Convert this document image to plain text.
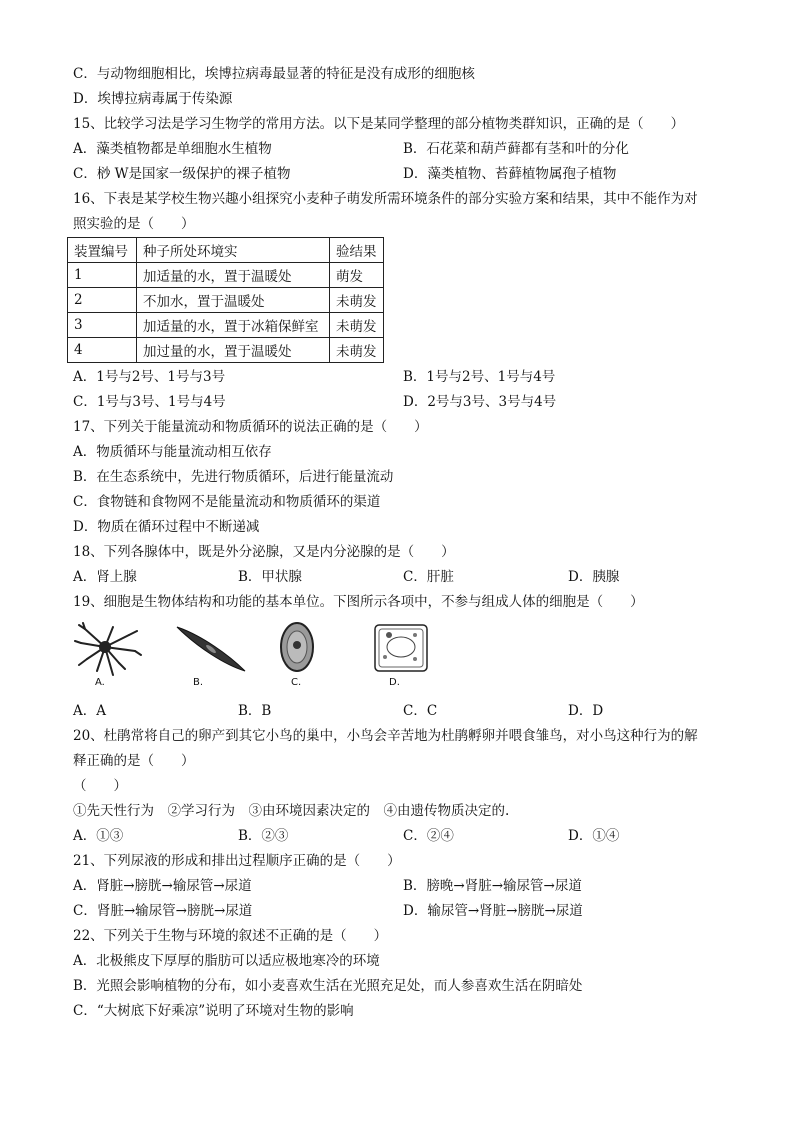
C．与动物细胞相比，埃博拉病毒最显著的特征是没有成形的细胞核
D．埃博拉病毒属于传染源
15、比较学习法是学习生物学的常用方法。以下是某同学整理的部分植物类群知识，正确的是（　　）
A．藻类植物都是单细胞水生植物	B．石花菜和葫芦藓都有茎和叶的分化
C．桫 W是国家一级保护的裸子植物	D．藻类植物、苔藓植物属孢子植物
16、下表是某学校生物兴趣小组探究小麦种子萌发所需环境条件的部分实验方案和结果，其中不能作为对
照实验的是（　　）
装置编号	种子所处环境实	验结果
1	加适量的水，置于温暖处	萌发
2	不加水，置于温暖处	未萌发
3	加适量的水，置于冰箱保鲜室	未萌发
4	加过量的水，置于温暖处	未萌发
A．1号与2号、1号与3号	B．1号与2号、1号与4号
C．1号与3号、1号与4号	D．2号与3号、3号与4号
17、下列关于能量流动和物质循环的说法正确的是（　　）
A．物质循环与能量流动相互依存
B．在生态系统中，先进行物质循环，后进行能量流动
C．食物链和食物网不是能量流动和物质循环的渠道
D．物质在循环过程中不断递减
18、下列各腺体中，既是外分泌腺，又是内分泌腺的是（　　）
A．肾上腺	B．甲状腺	C．肝脏	D．胰腺
19、细胞是生物体结构和功能的基本单位。下图所示各项中，不参与组成人体的细胞是（　　）
A.	B.	C.	D.
A．A	B．B	C．C	D．D
20、杜鹃常将自己的卵产到其它小鸟的巢中，小鸟会辛苦地为杜鹃孵卵并喂食雏鸟，对小鸟这种行为的解
释正确的是（　　）
（　　）
①先天性行为　②学习行为　③由环境因素决定的　④由遗传物质决定的.
A．①③	B．②③	C．②④	D．①④
21、下列尿液的形成和排出过程顺序正确的是（　　）
A．肾脏→膀胱→输尿管→尿道	B．膀晚→肾脏→输尿管→尿道
C．肾脏→输尿管→膀胱→尿道	D．输尿管→肾脏→膀胱→尿道
22、下列关于生物与环境的叙述不正确的是（　　）
A．北极熊皮下厚厚的脂肪可以适应极地寒冷的环境
B．光照会影响植物的分布，如小麦喜欢生活在光照充足处，而人参喜欢生活在阴暗处
C．“大树底下好乘凉”说明了环境对生物的影响
